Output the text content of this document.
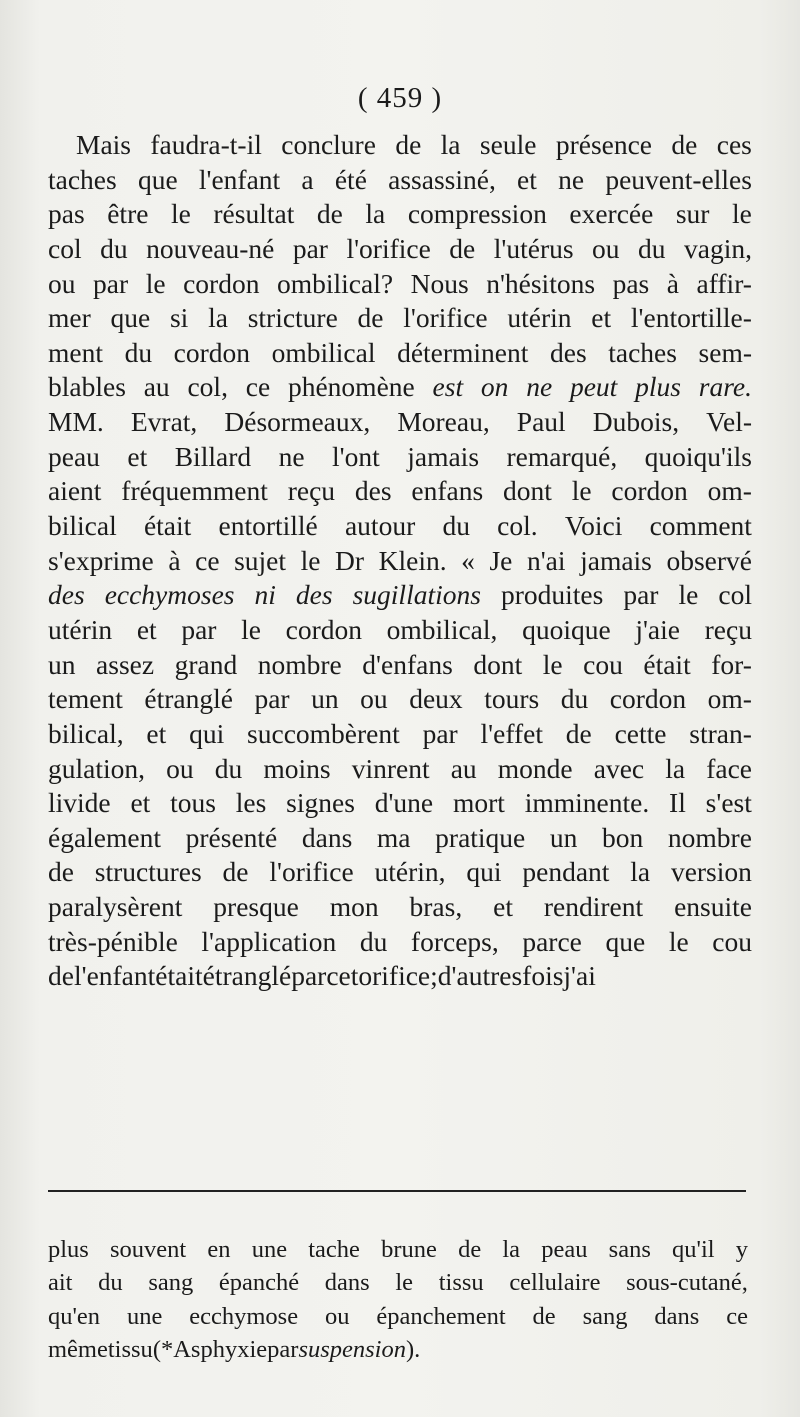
( 459 )
Mais faudra-t-il conclure de la seule présence de ces
taches que l'enfant a été assassiné, et ne peuvent-elles
pas être le résultat de la compression exercée sur le
col du nouveau-né par l'orifice de l'utérus ou du vagin,
ou par le cordon ombilical? Nous n'hésitons pas à affir-
mer que si la stricture de l'orifice utérin et l'entortille-
ment du cordon ombilical déterminent des taches sem-
blables au col, ce phénomène est on ne peut plus rare.
MM. Evrat, Désormeaux, Moreau, Paul Dubois, Vel-
peau et Billard ne l'ont jamais remarqué, quoiqu'ils
aient fréquemment reçu des enfans dont le cordon om-
bilical était entortillé autour du col. Voici comment
s'exprime à ce sujet le Dr Klein. « Je n'ai jamais observé
des ecchymoses ni des sugillations produites par le col
utérin et par le cordon ombilical, quoique j'aie reçu
un assez grand nombre d'enfans dont le cou était for-
tement étranglé par un ou deux tours du cordon om-
bilical, et qui succombèrent par l'effet de cette stran-
gulation, ou du moins vinrent au monde avec la face
livide et tous les signes d'une mort imminente. Il s'est
également présenté dans ma pratique un bon nombre
de structures de l'orifice utérin, qui pendant la version
paralysèrent presque mon bras, et rendirent ensuite
très-pénible l'application du forceps, parce que le cou
de l'enfant était étranglé par cet orifice; d'autres fois j'ai
plus souvent en une tache brune de la peau sans qu'il y
ait du sang épanché dans le tissu cellulaire sous-cutané,
qu'en une ecchymose ou épanchement de sang dans ce
même tissu (*Asphyxie par suspension).
